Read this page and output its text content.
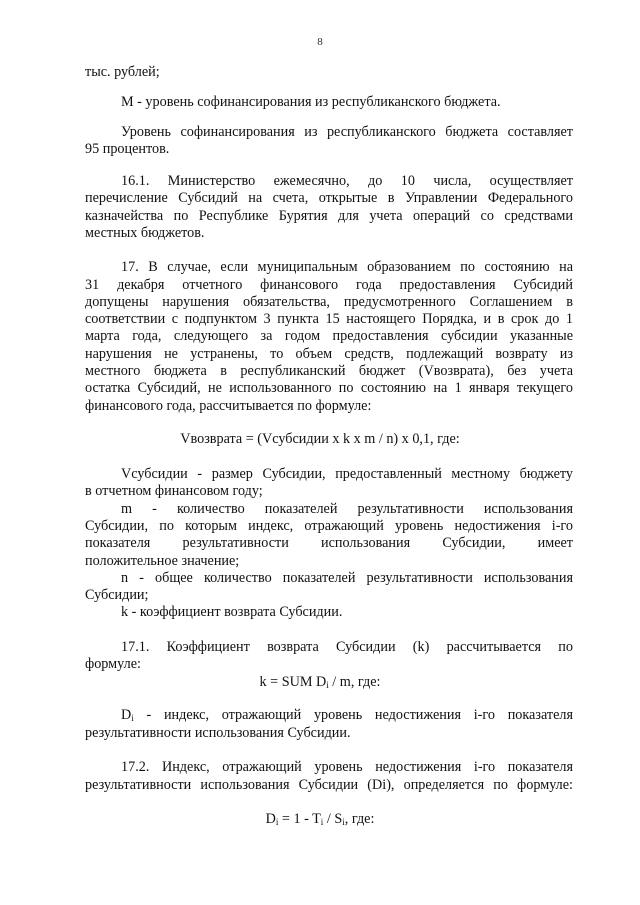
8
тыс. рублей;
M - уровень софинансирования из республиканского бюджета.
Уровень софинансирования из республиканского бюджета составляет
95 процентов.
16.1. Министерство ежемесячно, до 10 числа, осуществляет
перечисление Субсидий на счета, открытые в Управлении Федерального
казначейства по Республике Бурятия для учета операций со средствами
местных бюджетов.
17. В случае, если муниципальным образованием по состоянию на
31 декабря отчетного финансового года предоставления Субсидий
допущены нарушения обязательства, предусмотренного Соглашением в
соответствии с подпунктом 3 пункта 15 настоящего Порядка, и в срок до 1
марта года, следующего за годом предоставления субсидии указанные
нарушения не устранены, то объем средств, подлежащий возврату из
местного бюджета в республиканский бюджет (Vвозврата), без учета
остатка Субсидий, не использованного по состоянию на 1 января текущего
финансового года, рассчитывается по формуле:
Vвозврата = (Vсубсидии x k x m / n) x 0,1, где:
Vсубсидии - размер Субсидии, предоставленный местному бюджету
в отчетном финансовом году;
m - количество показателей результативности использования
Субсидии, по которым индекс, отражающий уровень недостижения i-го
показателя результативности использования Субсидии, имеет
положительное значение;
n - общее количество показателей результативности использования
Субсидии;
k - коэффициент возврата Субсидии.
17.1. Коэффициент возврата Субсидии (k) рассчитывается по
формуле:
k = SUM $D_i$ / m, где:
$D_i$ - индекс, отражающий уровень недостижения i-го показателя
результативности использования Субсидии.
17.2. Индекс, отражающий уровень недостижения i-го показателя
результативности использования Субсидии (Di), определяется по формуле:
$D_i = 1 - T_i / S_i$, где:
